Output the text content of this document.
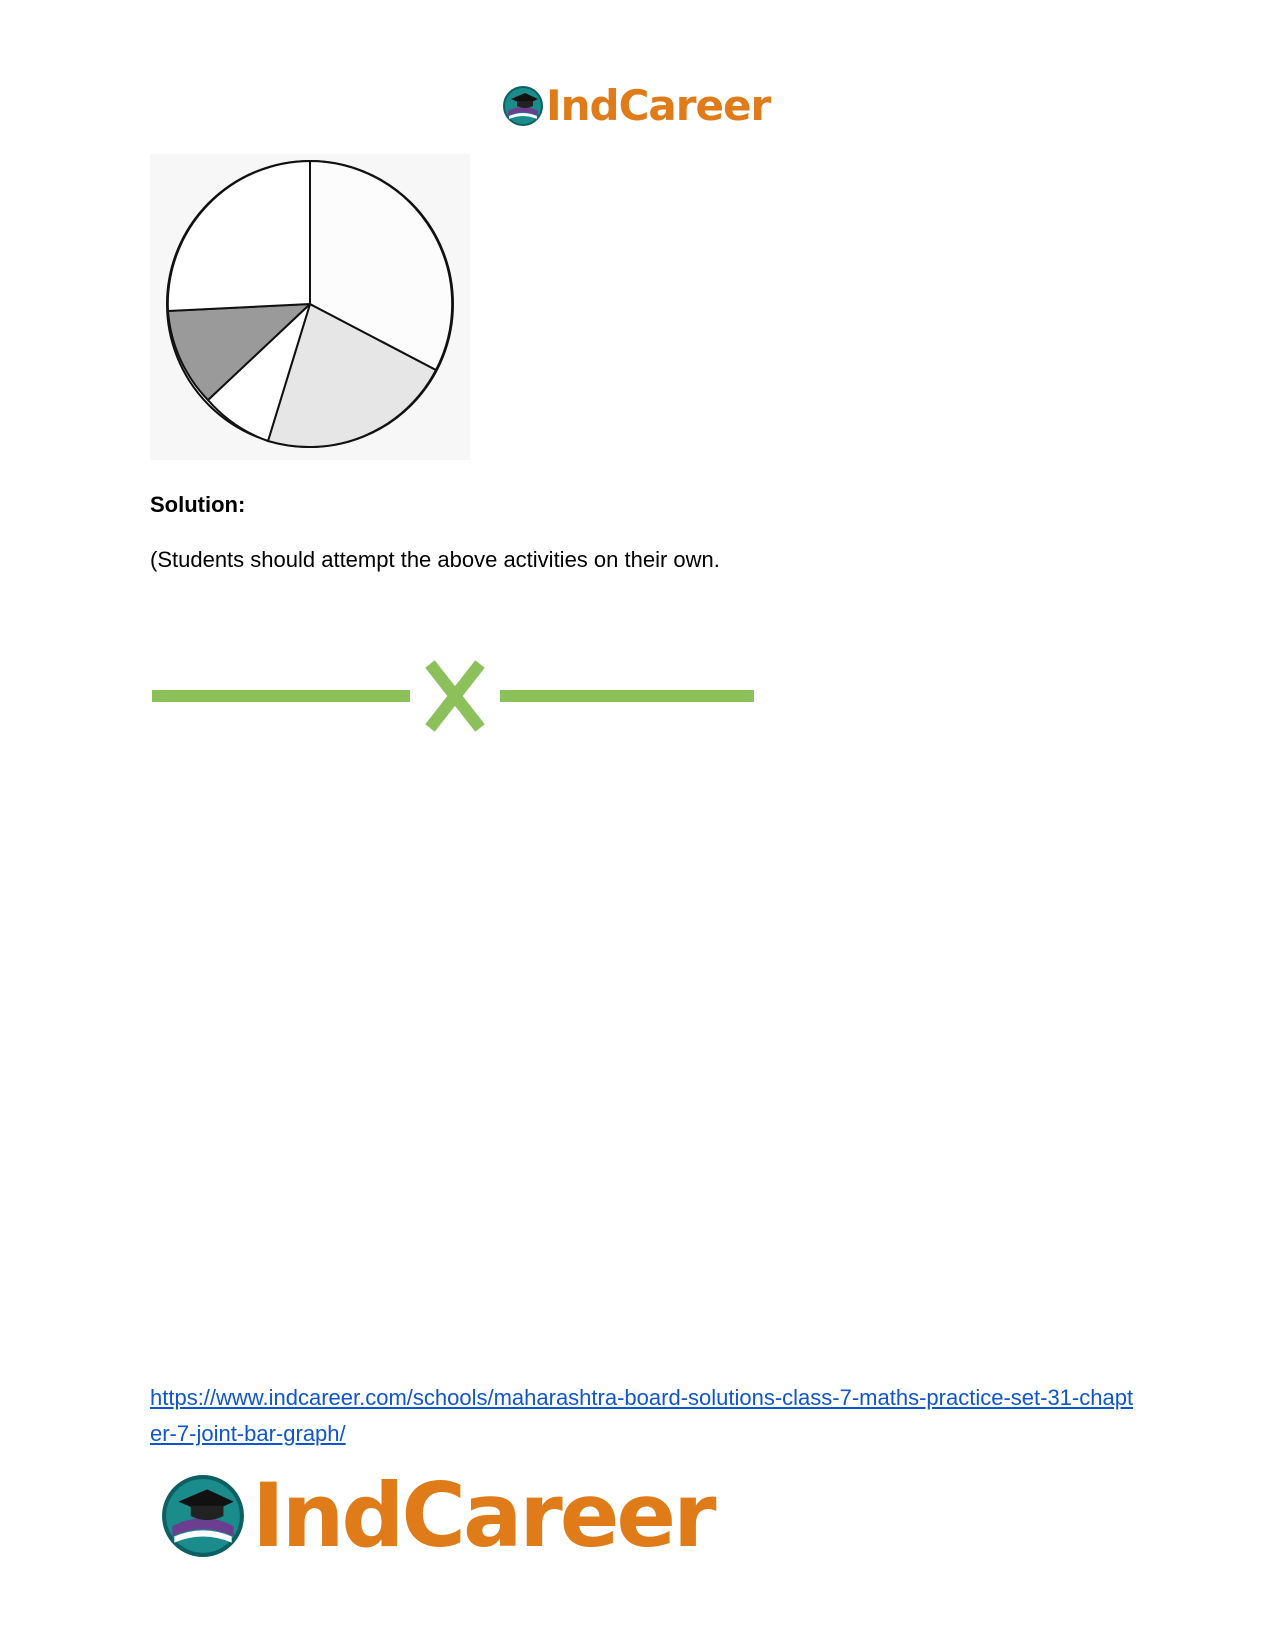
IndCareer

Solution:

(Students should attempt the above activities on their own.

https://www.indcareer.com/schools/maharashtra-board-solutions-class-7-maths-practice-set-31-chapter-7-joint-bar-graph/
IndCareer
